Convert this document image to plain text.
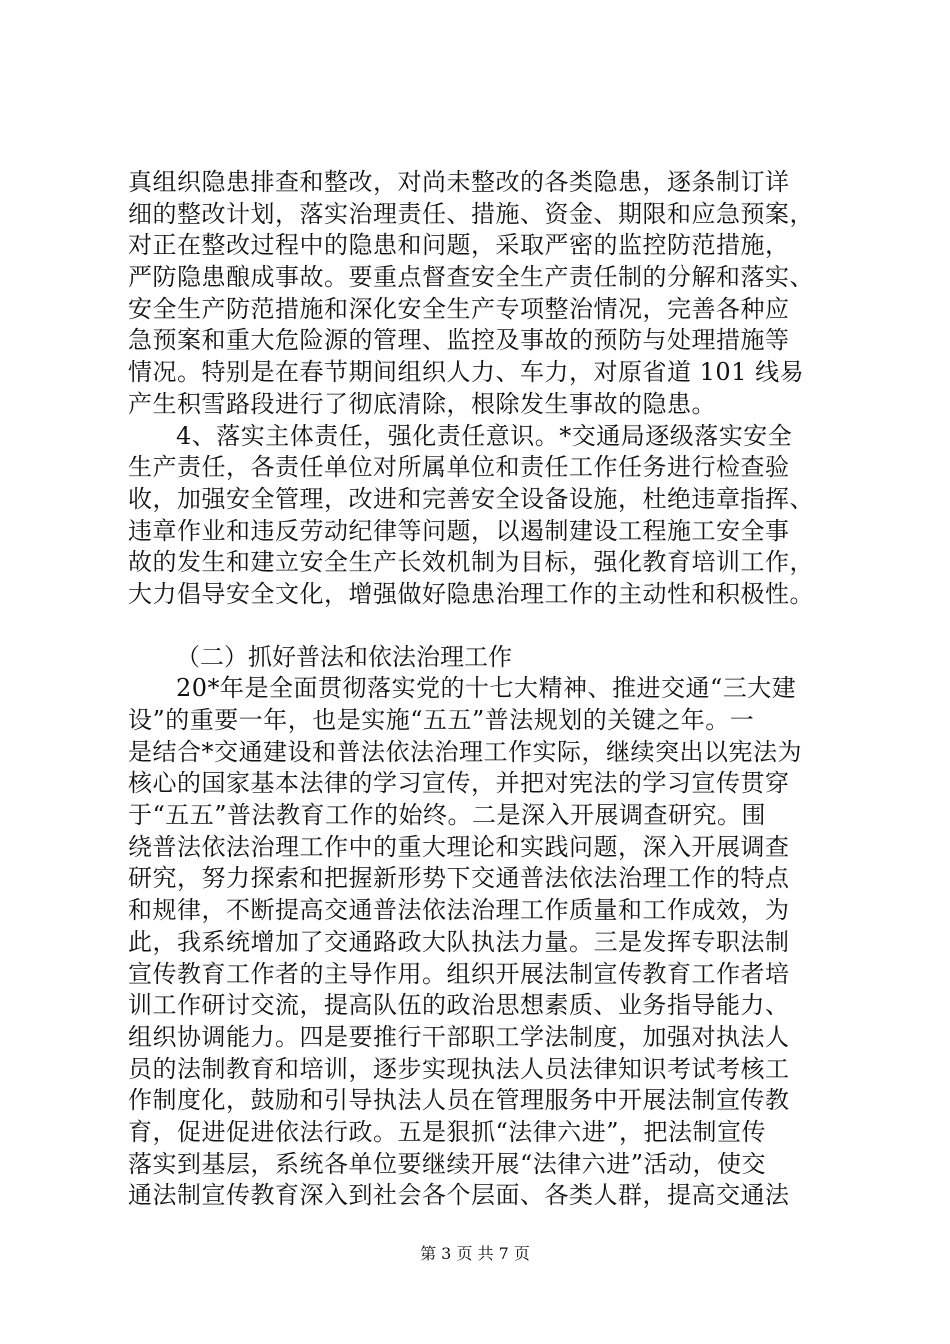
真组织隐患排查和整改，对尚未整改的各类隐患，逐条制订详
细的整改计划，落实治理责任、措施、资金、期限和应急预案，
对正在整改过程中的隐患和问题，采取严密的监控防范措施，
严防隐患酿成事故。要重点督查安全生产责任制的分解和落实、
安全生产防范措施和深化安全生产专项整治情况，完善各种应
急预案和重大危险源的管理、监控及事故的预防与处理措施等
情况。特别是在春节期间组织人力、车力，对原省道 101 线易
产生积雪路段进行了彻底清除，根除发生事故的隐患。
4、落实主体责任，强化责任意识。*交通局逐级落实安全
生产责任，各责任单位对所属单位和责任工作任务进行检查验
收，加强安全管理，改进和完善安全设备设施，杜绝违章指挥、
违章作业和违反劳动纪律等问题，以遏制建设工程施工安全事
故的发生和建立安全生产长效机制为目标，强化教育培训工作，
大力倡导安全文化，增强做好隐患治理工作的主动性和积极性。
（二）抓好普法和依法治理工作
20*年是全面贯彻落实党的十七大精神、推进交通“三大建
设”的重要一年，也是实施“五五”普法规划的关键之年。一
是结合*交通建设和普法依法治理工作实际，继续突出以宪法为
核心的国家基本法律的学习宣传，并把对宪法的学习宣传贯穿
于“五五”普法教育工作的始终。二是深入开展调查研究。围
绕普法依法治理工作中的重大理论和实践问题，深入开展调查
研究，努力探索和把握新形势下交通普法依法治理工作的特点
和规律，不断提高交通普法依法治理工作质量和工作成效，为
此，我系统增加了交通路政大队执法力量。三是发挥专职法制
宣传教育工作者的主导作用。组织开展法制宣传教育工作者培
训工作研讨交流，提高队伍的政治思想素质、业务指导能力、
组织协调能力。四是要推行干部职工学法制度，加强对执法人
员的法制教育和培训，逐步实现执法人员法律知识考试考核工
作制度化，鼓励和引导执法人员在管理服务中开展法制宣传教
育，促进促进依法行政。五是狠抓“法律六进”，把法制宣传
落实到基层，系统各单位要继续开展“法律六进”活动，使交
通法制宣传教育深入到社会各个层面、各类人群，提高交通法
第 3 页 共 7 页
